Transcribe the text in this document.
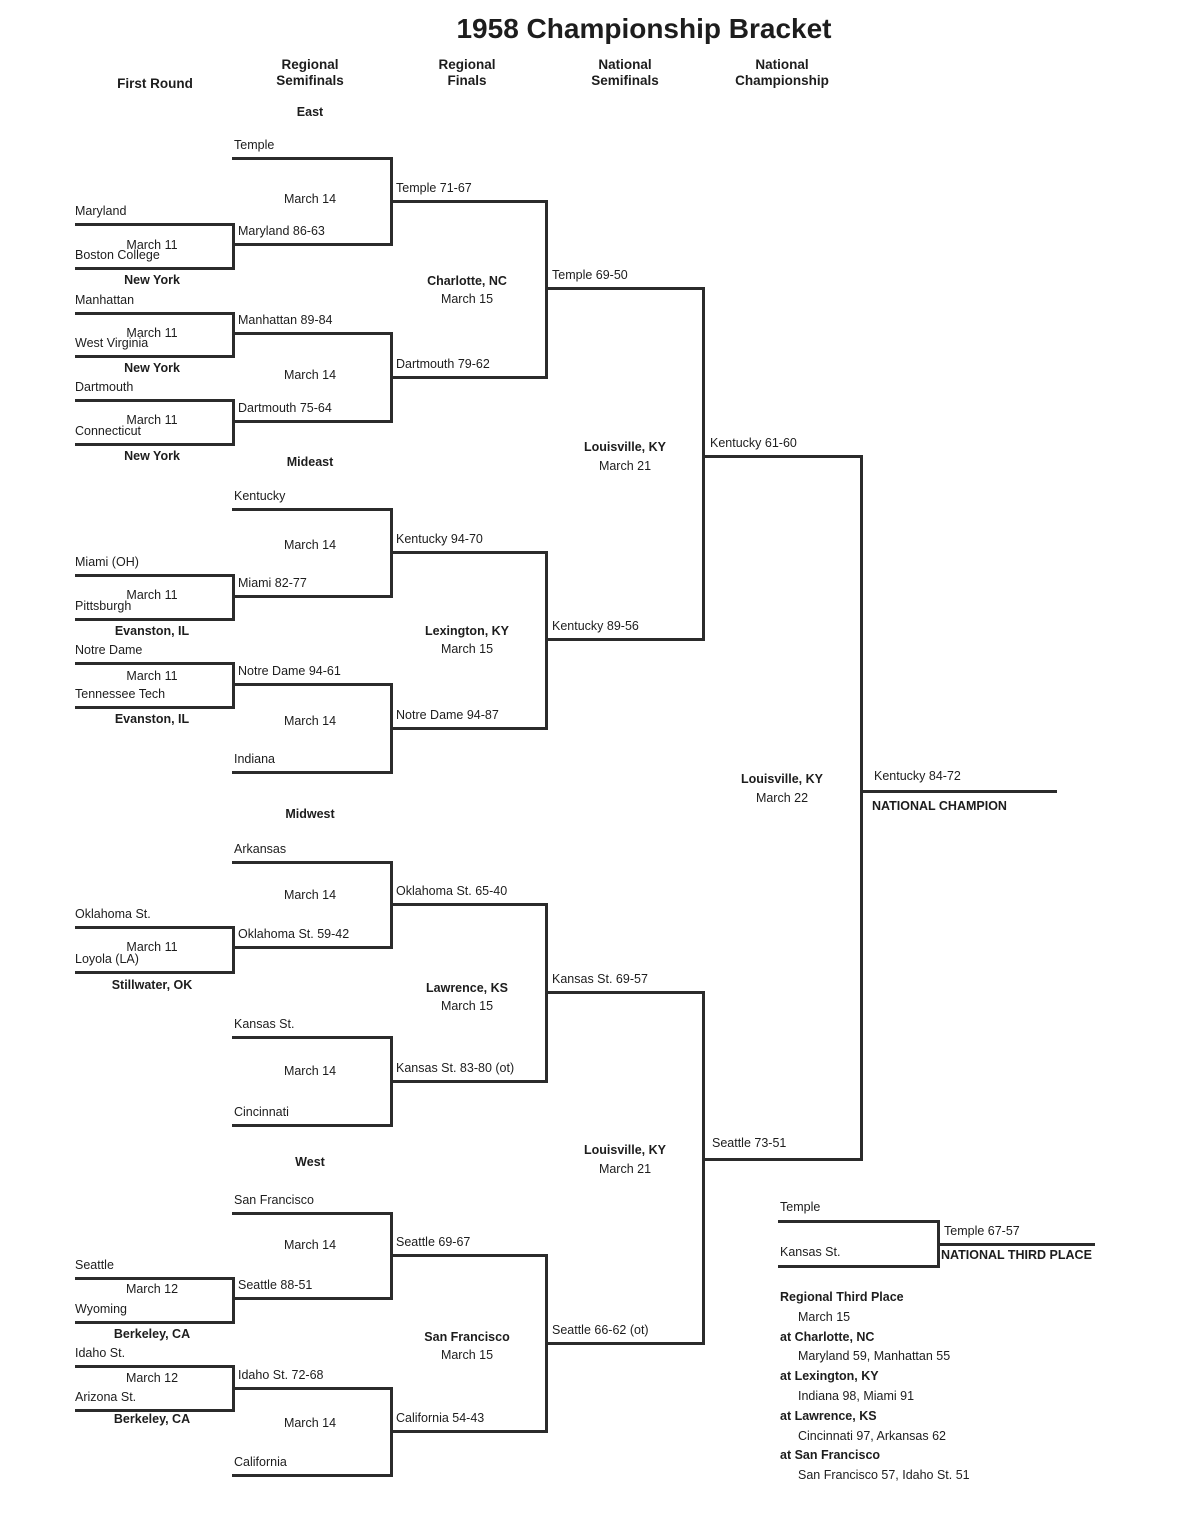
1958 Championship Bracket
First Round
Regional Semifinals
Regional Finals
National Semifinals
National Championship
East
Temple
March 14
Temple 71-67
Maryland
March 11
Boston College
New York
Maryland 86-63
Manhattan
March 11
West Virginia
New York
Manhattan 89-84
March 14
Dartmouth
March 11
Connecticut
New York
Dartmouth 75-64
Dartmouth 79-62
Charlotte, NC
March 15
Temple 69-50
Mideast
Kentucky
March 14	Kentucky 94-70
Miami (OH)
March 11
Pittsburgh
Evanston, IL
Miami 82-77
Notre Dame
March 11
Tennessee Tech
Evanston, IL
Notre Dame 94-61
March 14
Indiana
Notre Dame 94-87
Lexington, KY
March 15
Kentucky 89-56
Louisville, KY
March 21
Kentucky 61-60
Midwest
Arkansas
March 14	Oklahoma St. 65-40
Oklahoma St.
March 11
Loyola (LA)
Stillwater, OK
Oklahoma St. 59-42
Kansas St.
March 14
Cincinnati
Kansas St. 83-80 (ot)
Lawrence, KS
March 15
Kansas St. 69-57
West
San Francisco
March 14	Seattle 69-67
Seattle
March 12
Wyoming
Berkeley, CA
Seattle 88-51
Idaho St.
March 12
Arizona St.
Berkeley, CA
Idaho St. 72-68
March 14
California
California 54-43
San Francisco
March 15
Seattle 66-62 (ot)
Louisville, KY
March 21
Seattle 73-51
Louisville, KY
March 22
Kentucky 84-72
NATIONAL CHAMPION
Temple
Kansas St.
Temple 67-57
NATIONAL THIRD PLACE
Regional Third Place
March 15
at Charlotte, NC
Maryland 59, Manhattan 55
at Lexington, KY
Indiana 98, Miami 91
at Lawrence, KS
Cincinnati 97, Arkansas 62
at San Francisco
San Francisco 57, Idaho St. 51
